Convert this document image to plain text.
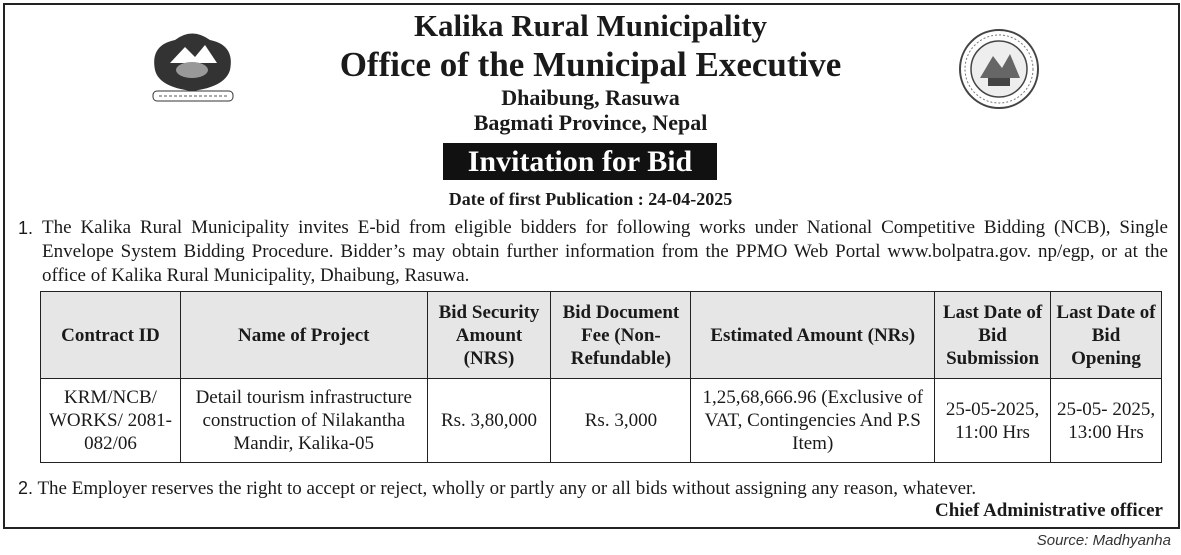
Kalika Rural Municipality
Office of the Municipal Executive
Dhaibung, Rasuwa
Bagmati Province, Nepal
Invitation for Bid
Date of first Publication : 24-04-2025
1. The Kalika Rural Municipality invites E-bid from eligible bidders for following works under National Competitive Bidding (NCB), Single Envelope System Bidding Procedure. Bidder’s may obtain further information from the PPMO Web Portal www.bolpatra.gov. np/egp, or at the office of Kalika Rural Municipality, Dhaibung, Rasuwa.
Contract ID	Name of Project	Bid Security Amount (NRS)	Bid Document Fee (Non-Refundable)	Estimated Amount (NRs)	Last Date of Bid Submission	Last Date of Bid Opening
KRM/NCB/ WORKS/ 2081-082/06	Detail tourism infrastructure construction of Nilakantha Mandir, Kalika-05	Rs. 3,80,000	Rs. 3,000	1,25,68,666.96 (Exclusive of VAT, Contingencies And P.S Item)	25-05-2025, 11:00 Hrs	25-05- 2025, 13:00 Hrs
2. The Employer reserves the right to accept or reject, wholly or partly any or all bids without assigning any reason, whatever.
Chief Administrative officer
Source: Madhyanha
